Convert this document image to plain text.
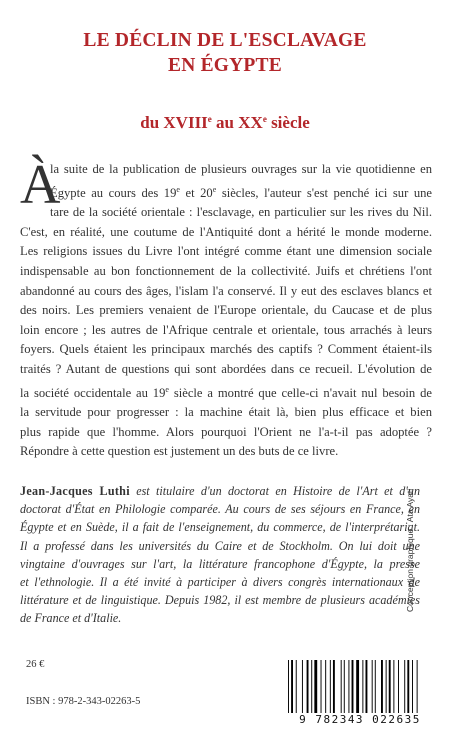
LE DÉCLIN DE L'ESCLAVAGE
EN ÉGYPTE
du XVIIIe au XXe siècle
À
la suite de la publication de plusieurs ouvrages sur la vie quotidienne en
Égypte au cours des 19e et 20e siècles, l'auteur s'est penché ici sur une
tare de la société orientale : l'esclavage, en particulier sur les rives du Nil.
C'est, en réalité, une coutume de l'Antiquité dont a hérité le monde moderne.
Les religions issues du Livre l'ont intégré comme étant une dimension sociale
indispensable au bon fonctionnement de la collectivité. Juifs et chrétiens l'ont
abandonné au cours des âges, l'islam l'a conservé. Il y eut des esclaves blancs et
des noirs. Les premiers venaient de l'Europe orientale, du Caucase et de plus
loin encore ; les autres de l'Afrique centrale et orientale, tous arrachés à leurs
foyers. Quels étaient les principaux marchés des captifs ? Comment étaient-ils
traités ? Autant de questions qui sont abordées dans ce recueil. L'évolution de
la société occidentale au 19e siècle a montré que celle-ci n'avait nul besoin de
la servitude pour progresser : la machine était là, bien plus efficace et bien
plus rapide que l'homme. Alors pourquoi l'Orient ne l'a-t-il pas adoptée ?
Répondre à cette question est justement un des buts de ce livre.
Jean-Jacques Luthi est titulaire d'un doctorat en Histoire de l'Art et d'un
doctorat d'État en Philologie comparée. Au cours de ses séjours en France, en
Égypte et en Suède, il a fait de l'enseignement, du commerce, de l'interprétariat.
Il a professé dans les universités du Caire et de Stockholm. On lui doit une
vingtaine d'ouvrages sur l'art, la littérature francophone d'Égypte, la presse
et l'ethnologie. Il a été invité à participer à divers congrès internationaux de
littérature et de linguistique. Depuis 1982, il est membre de plusieurs académies
de France et d'Italie.
Conception graphique : Ata Ayati
26 €
ISBN : 978-2-343-02263-5
9 782343 022635
